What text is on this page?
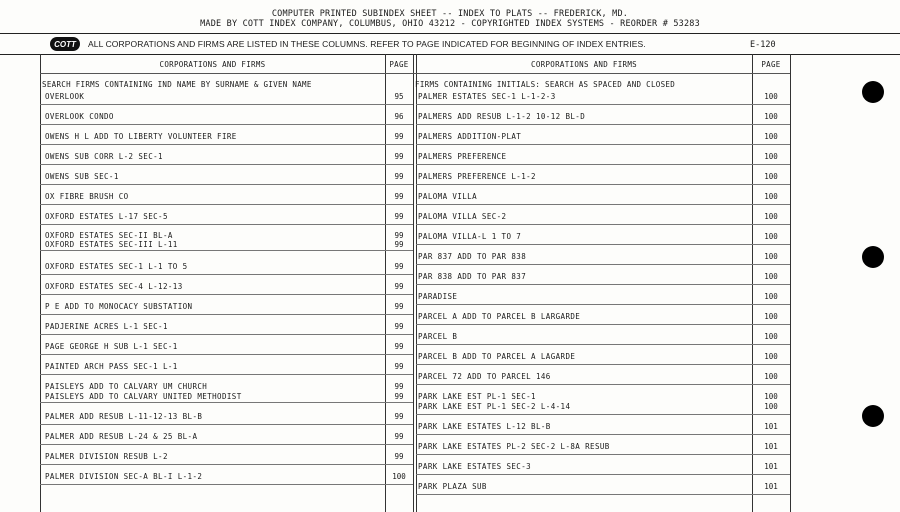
COMPUTER PRINTED SUBINDEX SHEET -- INDEX TO PLATS -- FREDERICK, MD.
MADE BY COTT INDEX COMPANY, COLUMBUS, OHIO 43212 - COPYRIGHTED INDEX SYSTEMS - REORDER # 53283
COTT	ALL CORPORATIONS AND FIRMS ARE LISTED IN THESE COLUMNS. REFER TO PAGE INDICATED FOR BEGINNING OF INDEX ENTRIES.	E-120
CORPORATIONS AND FIRMS	PAGE	CORPORATIONS AND FIRMS	PAGE
SEARCH FIRMS CONTAINING IND NAME BY SURNAME & GIVEN NAME	FIRMS CONTAINING INITIALS: SEARCH AS SPACED AND CLOSED
OVERLOOK	95
OVERLOOK CONDO	96
OWENS H L ADD TO LIBERTY VOLUNTEER FIRE	99
OWENS SUB CORR L-2 SEC-1	99
OWENS SUB SEC-1	99
OX FIBRE BRUSH CO	99
OXFORD ESTATES L-17 SEC-5	99
OXFORD ESTATES SEC-II BL-A	99
OXFORD ESTATES SEC-III L-11	99
OXFORD ESTATES SEC-1 L-1 TO 5	99
OXFORD ESTATES SEC-4 L-12-13	99
P E ADD TO MONOCACY SUBSTATION	99
PADJERINE ACRES L-1 SEC-1	99
PAGE GEORGE H SUB L-1 SEC-1	99
PAINTED ARCH PASS SEC-1 L-1	99
PAISLEYS ADD TO CALVARY UM CHURCH	99
PAISLEYS ADD TO CALVARY UNITED METHODIST	99
PALMER ADD RESUB L-11-12-13 BL-B	99
PALMER ADD RESUB L-24 & 25 BL-A	99
PALMER DIVISION RESUB L-2	99
PALMER DIVISION SEC-A BL-I L-1-2	100
PALMER ESTATES SEC-1 L-1-2-3	100
PALMERS ADD RESUB L-1-2 10-12 BL-D	100
PALMERS ADDITION-PLAT	100
PALMERS PREFERENCE	100
PALMERS PREFERENCE L-1-2	100
PALOMA VILLA	100
PALOMA VILLA SEC-2	100
PALOMA VILLA-L 1 TO 7	100
PAR 837 ADD TO PAR 838	100
PAR 838 ADD TO PAR 837	100
PARADISE	100
PARCEL A ADD TO PARCEL B LARGARDE	100
PARCEL B	100
PARCEL B ADD TO PARCEL A LAGARDE	100
PARCEL 72 ADD TO PARCEL 146	100
PARK LAKE EST PL-1 SEC-1	100
PARK LAKE EST PL-1 SEC-2 L-4-14	100
PARK LAKE ESTATES L-12 BL-B	101
PARK LAKE ESTATES PL-2 SEC-2 L-8A RESUB	101
PARK LAKE ESTATES SEC-3	101
PARK PLAZA SUB	101
